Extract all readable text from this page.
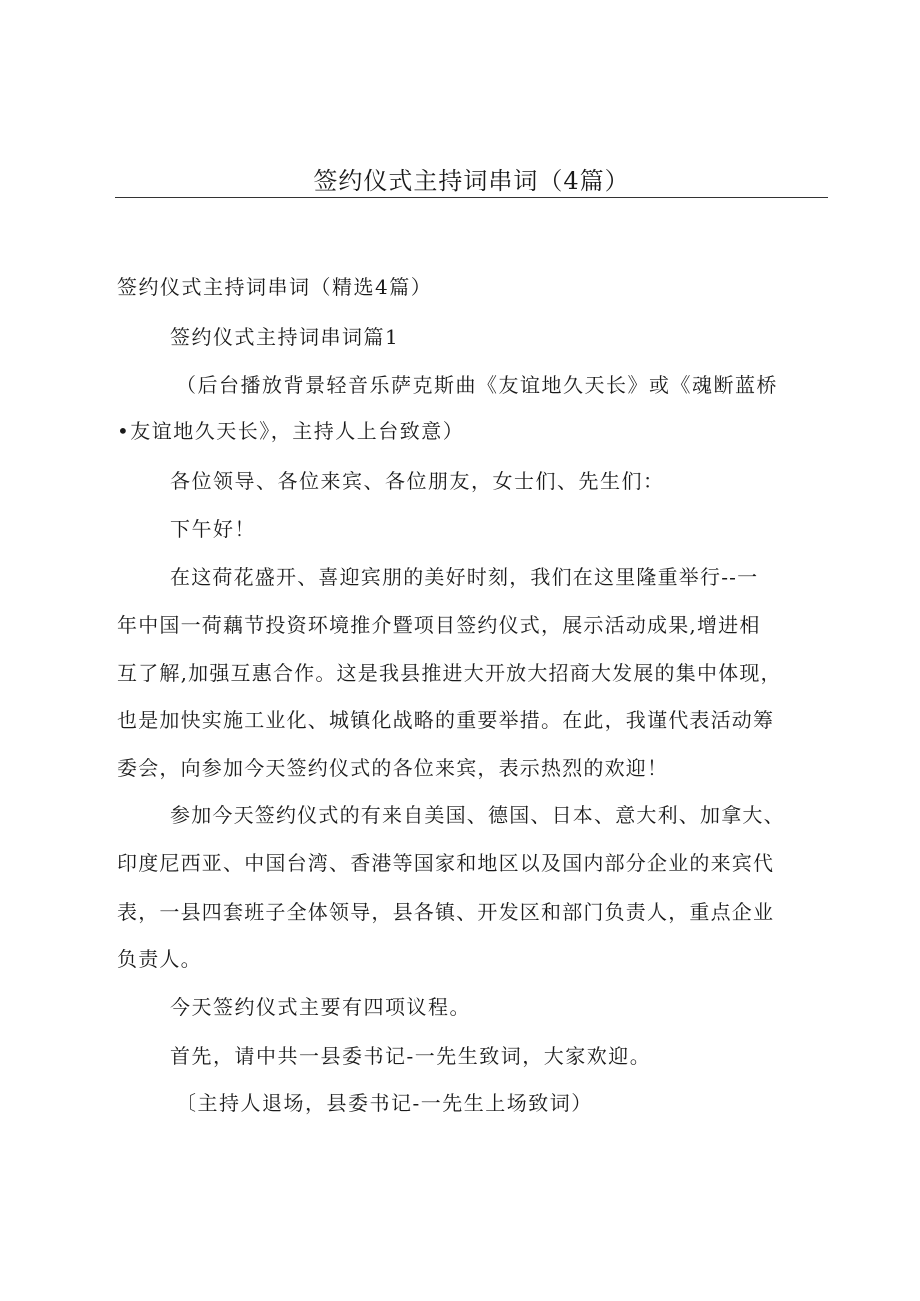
签约仪式主持词串词（4篇）
签约仪式主持词串词（精选4篇）
签约仪式主持词串词篇1
（后台播放背景轻音乐萨克斯曲《友谊地久天长》或《魂断蓝桥
•友谊地久天长》，主持人上台致意）
各位领导、各位来宾、各位朋友，女士们、先生们：
下午好！
在这荷花盛开、喜迎宾朋的美好时刻，我们在这里隆重举行--一
年中国一荷藕节投资环境推介暨项目签约仪式，展示活动成果,增进相
互了解,加强互惠合作。这是我县推进大开放大招商大发展的集中体现，
也是加快实施工业化、城镇化战略的重要举措。在此，我谨代表活动筹
委会，向参加今天签约仪式的各位来宾，表示热烈的欢迎！
参加今天签约仪式的有来自美国、德国、日本、意大利、加拿大、
印度尼西亚、中国台湾、香港等国家和地区以及国内部分企业的来宾代
表，一县四套班子全体领导，县各镇、开发区和部门负责人，重点企业
负责人。
今天签约仪式主要有四项议程。
首先，请中共一县委书记-一先生致词，大家欢迎。
〔主持人退场，县委书记-一先生上场致词）
